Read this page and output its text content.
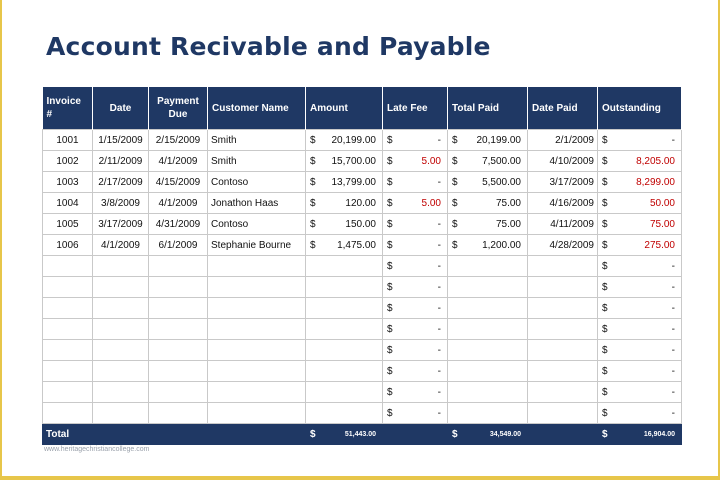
Account Recivable and Payable
Invoice #	Date	Payment Due	Customer Name	Amount	Late Fee	Total Paid	Date Paid	Outstanding
1001	1/15/2009	2/15/2009	Smith	$ 20,199.00	$ -	$ 20,199.00	2/1/2009	$ -

1002	2/11/2009	4/1/2009	Smith	$ 15,700.00	$ 5.00	$ 7,500.00	4/10/2009	$ 8,205.00

1003	2/17/2009	4/15/2009	Contoso	$ 13,799.00	$ -	$ 5,500.00	3/17/2009	$ 8,299.00

1004	3/8/2009	4/1/2009	Jonathon Haas	$ 120.00	$ 5.00	$ 75.00	4/16/2009	$ 50.00

1005	3/17/2009	4/31/2009	Contoso	$ 150.00	$ -	$ 75.00	4/11/2009	$ 75.00

1006	4/1/2009	6/1/2009	Stephanie Bourne	$ 1,475.00	$ -	$ 1,200.00	4/28/2009	$ 275.00

					$ -			$ -

					$ -			$ -

					$ -			$ -

					$ -			$ -

					$ -			$ -

					$ -			$ -

					$ -			$ -

					$ -			$ -

Total				$ 51,443.00		$ 34,549.00		$ 16,904.00
www.heritagechristiancollege.com
